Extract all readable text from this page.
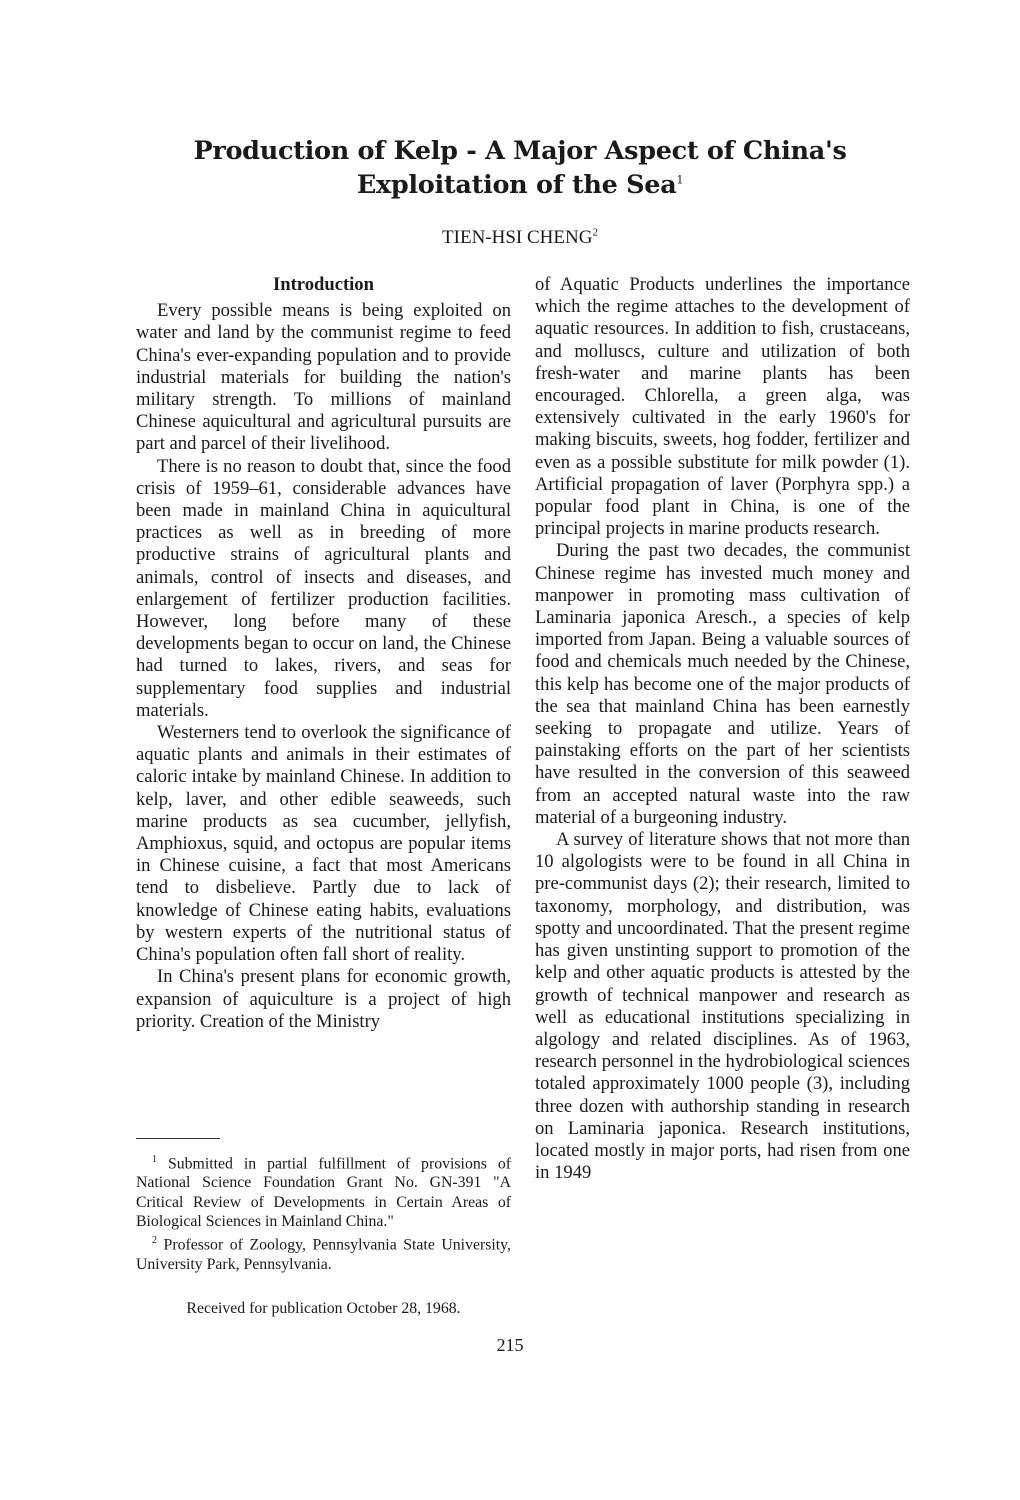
Production of Kelp - A Major Aspect of China's
Exploitation of the Sea$^1$
TIEN-HSI CHENG$^2$
Introduction

Every possible means is being exploited on water and land by the communist regime to feed China's ever-expanding population and to provide industrial materials for building the nation's military strength. To millions of mainland Chinese aquicultural and agricultural pursuits are part and parcel of their livelihood.

There is no reason to doubt that, since the food crisis of 1959–61, considerable advances have been made in mainland China in aquicultural practices as well as in breeding of more productive strains of agricultural plants and animals, control of insects and diseases, and enlargement of fertilizer production facilities. However, long before many of these developments began to occur on land, the Chinese had turned to lakes, rivers, and seas for supplementary food supplies and industrial materials.

Westerners tend to overlook the significance of aquatic plants and animals in their estimates of caloric intake by mainland Chinese. In addition to kelp, laver, and other edible seaweeds, such marine products as sea cucumber, jellyfish, Amphioxus, squid, and octopus are popular items in Chinese cuisine, a fact that most Americans tend to disbelieve. Partly due to lack of knowledge of Chinese eating habits, evaluations by western experts of the nutritional status of China's population often fall short of reality.

In China's present plans for economic growth, expansion of aquiculture is a project of high priority. Creation of the Ministry

of Aquatic Products underlines the importance which the regime attaches to the development of aquatic resources. In addition to fish, crustaceans, and molluscs, culture and utilization of both fresh-water and marine plants has been encouraged. Chlorella, a green alga, was extensively cultivated in the early 1960's for making biscuits, sweets, hog fodder, fertilizer and even as a possible substitute for milk powder (1). Artificial propagation of laver (Porphyra spp.) a popular food plant in China, is one of the principal projects in marine products research.

During the past two decades, the communist Chinese regime has invested much money and manpower in promoting mass cultivation of Laminaria japonica Aresch., a species of kelp imported from Japan. Being a valuable sources of food and chemicals much needed by the Chinese, this kelp has become one of the major products of the sea that mainland China has been earnestly seeking to propagate and utilize. Years of painstaking efforts on the part of her scientists have resulted in the conversion of this seaweed from an accepted natural waste into the raw material of a burgeoning industry.

A survey of literature shows that not more than 10 algologists were to be found in all China in pre-communist days (2); their research, limited to taxonomy, morphology, and distribution, was spotty and uncoordinated. That the present regime has given unstinting support to promotion of the kelp and other aquatic products is attested by the growth of technical manpower and research as well as educational institutions specializing in algology and related disciplines. As of 1963, research personnel in the hydrobiological sciences totaled approximately 1000 people (3), including three dozen with authorship standing in research on Laminaria japonica. Research institutions, located mostly in major ports, had risen from one in 1949

$^1$ Submitted in partial fulfillment of provisions of National Science Foundation Grant No. GN-391 "A Critical Review of Developments in Certain Areas of Biological Sciences in Mainland China."

$^2$ Professor of Zoology, Pennsylvania State University, University Park, Pennsylvania.

Received for publication October 28, 1968.
215
